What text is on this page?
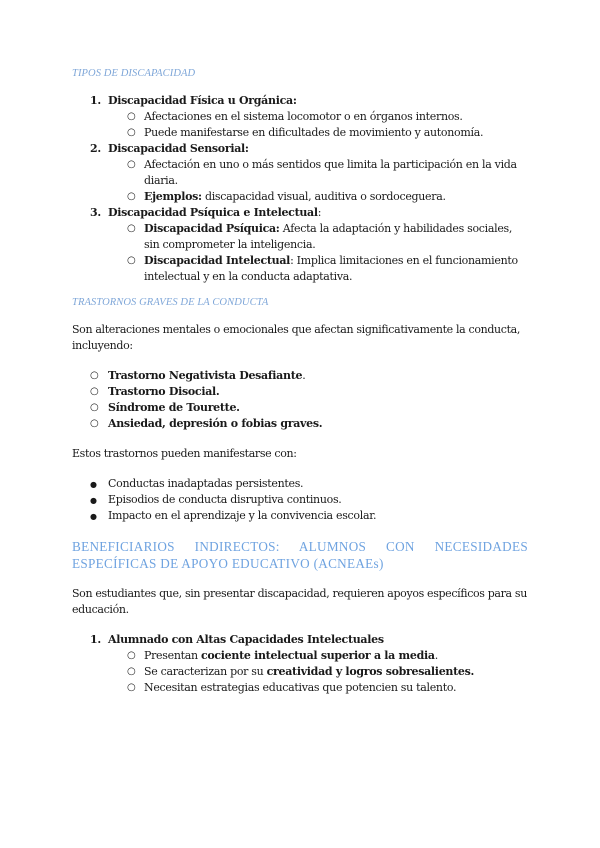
TIPOS DE DISCAPACIDAD
1. Discapacidad Física u Orgánica:
○ Afectaciones en el sistema locomotor o en órganos internos.
○ Puede manifestarse en dificultades de movimiento y autonomía.
2. Discapacidad Sensorial:
○ Afectación en uno o más sentidos que limita la participación en la vida diaria.
○ Ejemplos: discapacidad visual, auditiva o sordoceguera.
3. Discapacidad Psíquica e Intelectual:
○ Discapacidad Psíquica: Afecta la adaptación y habilidades sociales, sin comprometer la inteligencia.
○ Discapacidad Intelectual: Implica limitaciones en el funcionamiento intelectual y en la conducta adaptativa.
TRASTORNOS GRAVES DE LA CONDUCTA

Son alteraciones mentales o emocionales que afectan significativamente la conducta, incluyendo:

○ Trastorno Negativista Desafiante.
○ Trastorno Disocial.
○ Síndrome de Tourette.
○ Ansiedad, depresión o fobias graves.

Estos trastornos pueden manifestarse con:

● Conductas inadaptadas persistentes.
● Episodios de conducta disruptiva continuos.
● Impacto en el aprendizaje y la convivencia escolar.
BENEFICIARIOS INDIRECTOS: ALUMNOS CON NECESIDADES ESPECÍFICAS DE APOYO EDUCATIVO (ACNEAEs)

Son estudiantes que, sin presentar discapacidad, requieren apoyos específicos para su educación.

1. Alumnado con Altas Capacidades Intelectuales
○ Presentan cociente intelectual superior a la media.
○ Se caracterizan por su creatividad y logros sobresalientes.
○ Necesitan estrategias educativas que potencien su talento.
